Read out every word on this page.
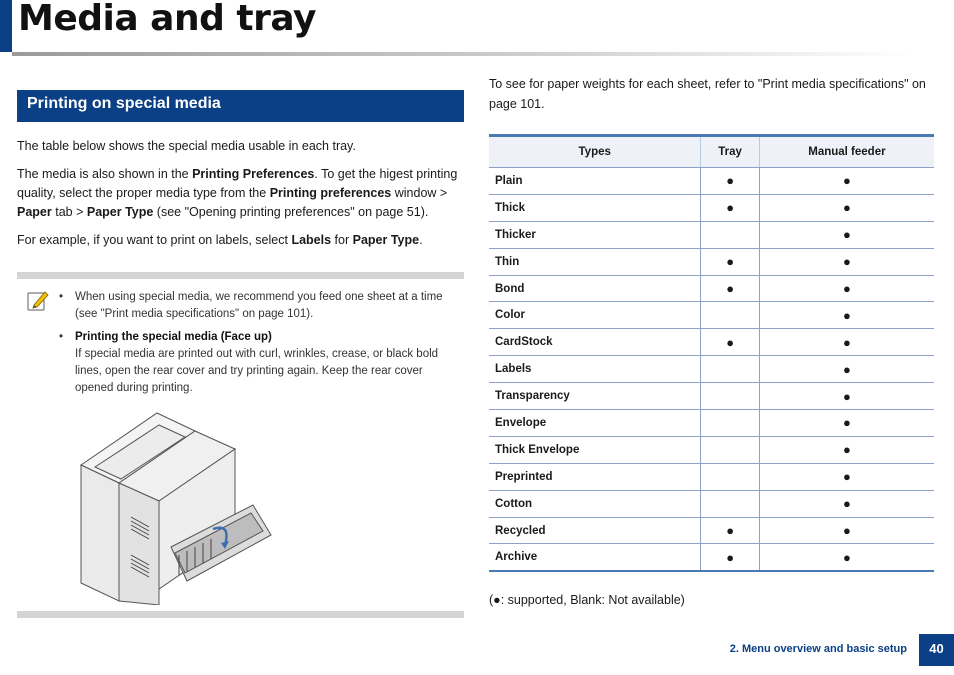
Media and tray
Printing on special media

The table below shows the special media usable in each tray.

The media is also shown in the Printing Preferences. To get the higest printing quality, select the proper media type from the Printing preferences window > Paper tab > Paper Type (see "Opening printing preferences" on page 51).

For example, if you want to print on labels, select Labels for Paper Type.

• When using special media, we recommend you feed one sheet at a time (see "Print media specifications" on page 101).
• Printing the special media (Face up)
If special media are printed out with curl, wrinkles, crease, or black bold lines, open the rear cover and try printing again. Keep the rear cover opened during printing.

To see for paper weights for each sheet, refer to "Print media specifications" on page 101.

Types	Tray	Manual feeder
Plain	●	●
Thick	●	●
Thicker		●
Thin	●	●
Bond	●	●
Color		●
CardStock	●	●
Labels		●
Transparency		●
Envelope		●
Thick Envelope		●
Preprinted		●
Cotton		●
Recycled	●	●
Archive	●	●
(●: supported, Blank: Not available)
2. Menu overview and basic setup	40
